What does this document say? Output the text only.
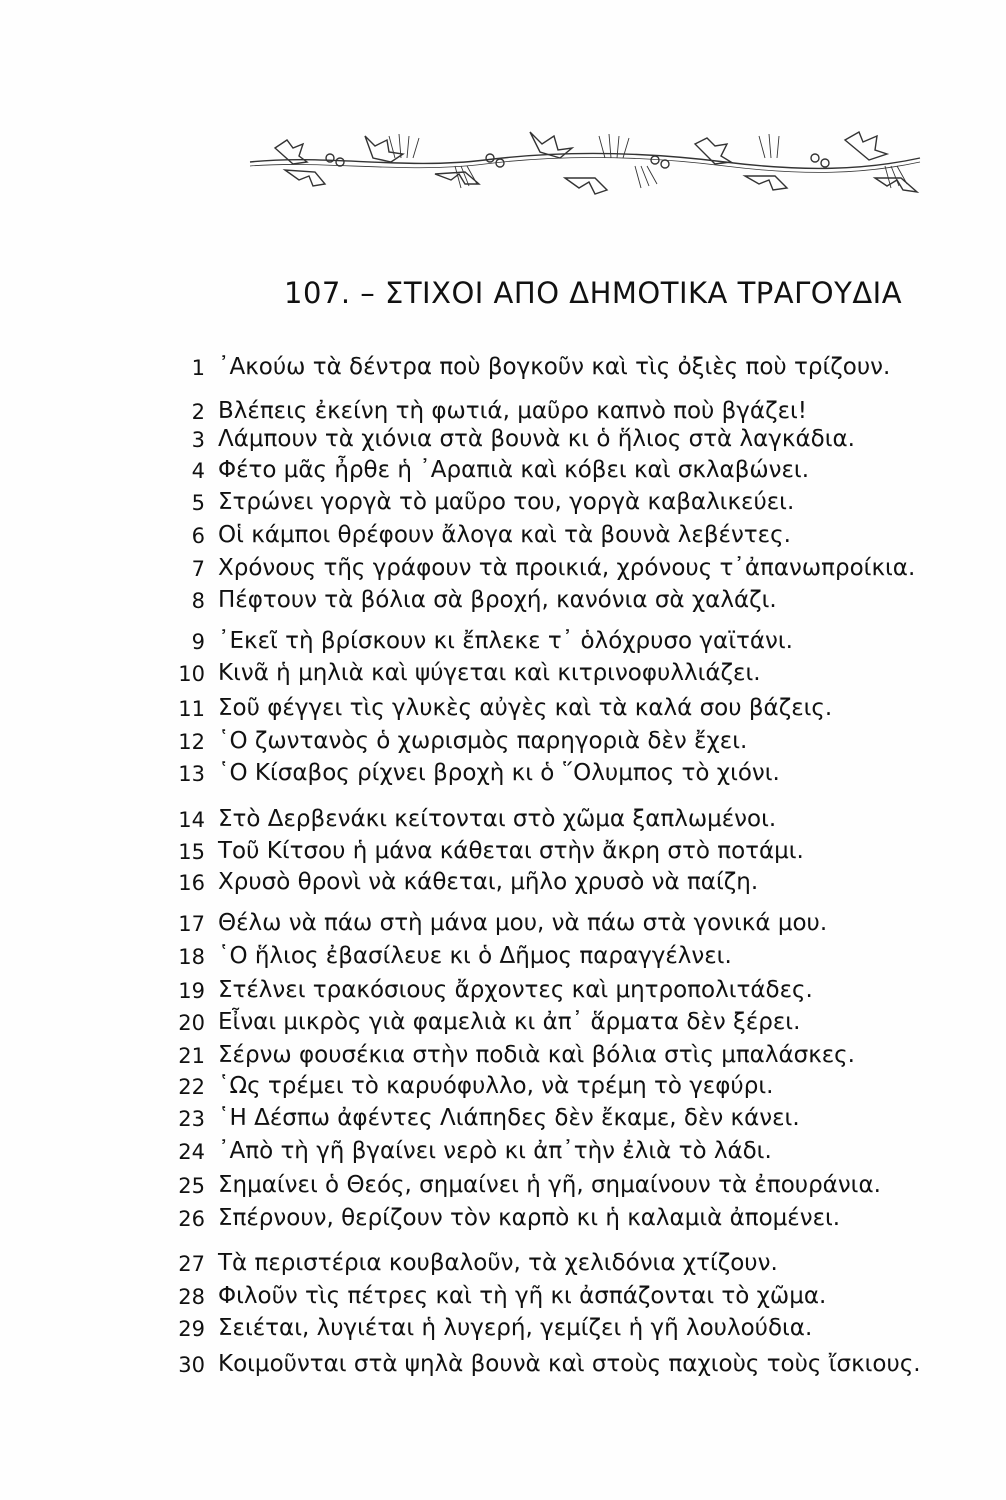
107. – ΣΤΙΧΟΙ ΑΠΟ ΔΗΜΟΤΙΚΑ ΤΡΑΓΟΥΔΙΑ
1 ᾽Ακούω τὰ δέντρα ποὺ βογκοῦν καὶ τὶς ὀξιὲς ποὺ τρίζουν.
2 Βλέπεις ἐκείνη τὴ φωτιά, μαῦρο καπνὸ ποὺ βγάζει!
3 Λάμπουν τὰ χιόνια στὰ βουνὰ κι ὁ ἥλιος στὰ λαγκάδια.
4 Φέτο μᾶς ἦρθε ἡ ᾽Αραπιὰ καὶ κόβει καὶ σκλαβώνει.
5 Στρώνει γοργὰ τὸ μαῦρο του, γοργὰ καβαλικεύει.
6 Οἱ κάμποι θρέφουν ἄλογα καὶ τὰ βουνὰ λεβέντες.
7 Χρόνους τῆς γράφουν τὰ προικιά, χρόνους τ᾽ἀπανωπροίκια.
8 Πέφτουν τὰ βόλια σὰ βροχή, κανόνια σὰ χαλάζι.
9 ᾽Εκεῖ τὴ βρίσκουν κι ἔπλεκε τ᾽ ὁλόχρυσο γαϊτάνι.
10 Κινᾶ ἡ μηλιὰ καὶ ψύγεται καὶ κιτρινοφυλλιάζει.
11 Σοῦ φέγγει τὶς γλυκὲς αὐγὲς καὶ τὰ καλά σου βάζεις.
12 ῾Ο ζωντανὸς ὁ χωρισμὸς παρηγοριὰ δὲν ἔχει.
13 ῾Ο Κίσαβος ρίχνει βροχὴ κι ὁ ῞Ολυμπος τὸ χιόνι.
14 Στὸ Δερβενάκι κείτονται στὸ χῶμα ξαπλωμένοι.
15 Τοῦ Κίτσου ἡ μάνα κάθεται στὴν ἄκρη στὸ ποτάμι.
16 Χρυσὸ θρονὶ νὰ κάθεται, μῆλο χρυσὸ νὰ παίζη.
17 Θέλω νὰ πάω στὴ μάνα μου, νὰ πάω στὰ γονικά μου.
18 ῾Ο ἥλιος ἐβασίλευε κι ὁ Δῆμος παραγγέλνει.
19 Στέλνει τρακόσιους ἄρχοντες καὶ μητροπολιτάδες.
20 Εἶναι μικρὸς γιὰ φαμελιὰ κι ἀπ᾽ ἅρματα δὲν ξέρει.
21 Σέρνω φουσέκια στὴν ποδιὰ καὶ βόλια στὶς μπαλάσκες.
22 ῾Ως τρέμει τὸ καρυόφυλλο, νὰ τρέμη τὸ γεφύρι.
23 ῾Η Δέσπω ἀφέντες Λιάπηδες δὲν ἔκαμε, δὲν κάνει.
24 ᾽Απὸ τὴ γῆ βγαίνει νερὸ κι ἀπ᾽τὴν ἐλιὰ τὸ λάδι.
25 Σημαίνει ὁ Θεός, σημαίνει ἡ γῆ, σημαίνουν τὰ ἐπουράνια.
26 Σπέρνουν, θερίζουν τὸν καρπὸ κι ἡ καλαμιὰ ἀπομένει.
27 Τὰ περιστέρια κουβαλοῦν, τὰ χελιδόνια χτίζουν.
28 Φιλοῦν τὶς πέτρες καὶ τὴ γῆ κι ἀσπάζονται τὸ χῶμα.
29 Σειέται, λυγιέται ἡ λυγερή, γεμίζει ἡ γῆ λουλούδια.
30 Κοιμοῦνται στὰ ψηλὰ βουνὰ καὶ στοὺς παχιοὺς τοὺς ἴσκιους.
